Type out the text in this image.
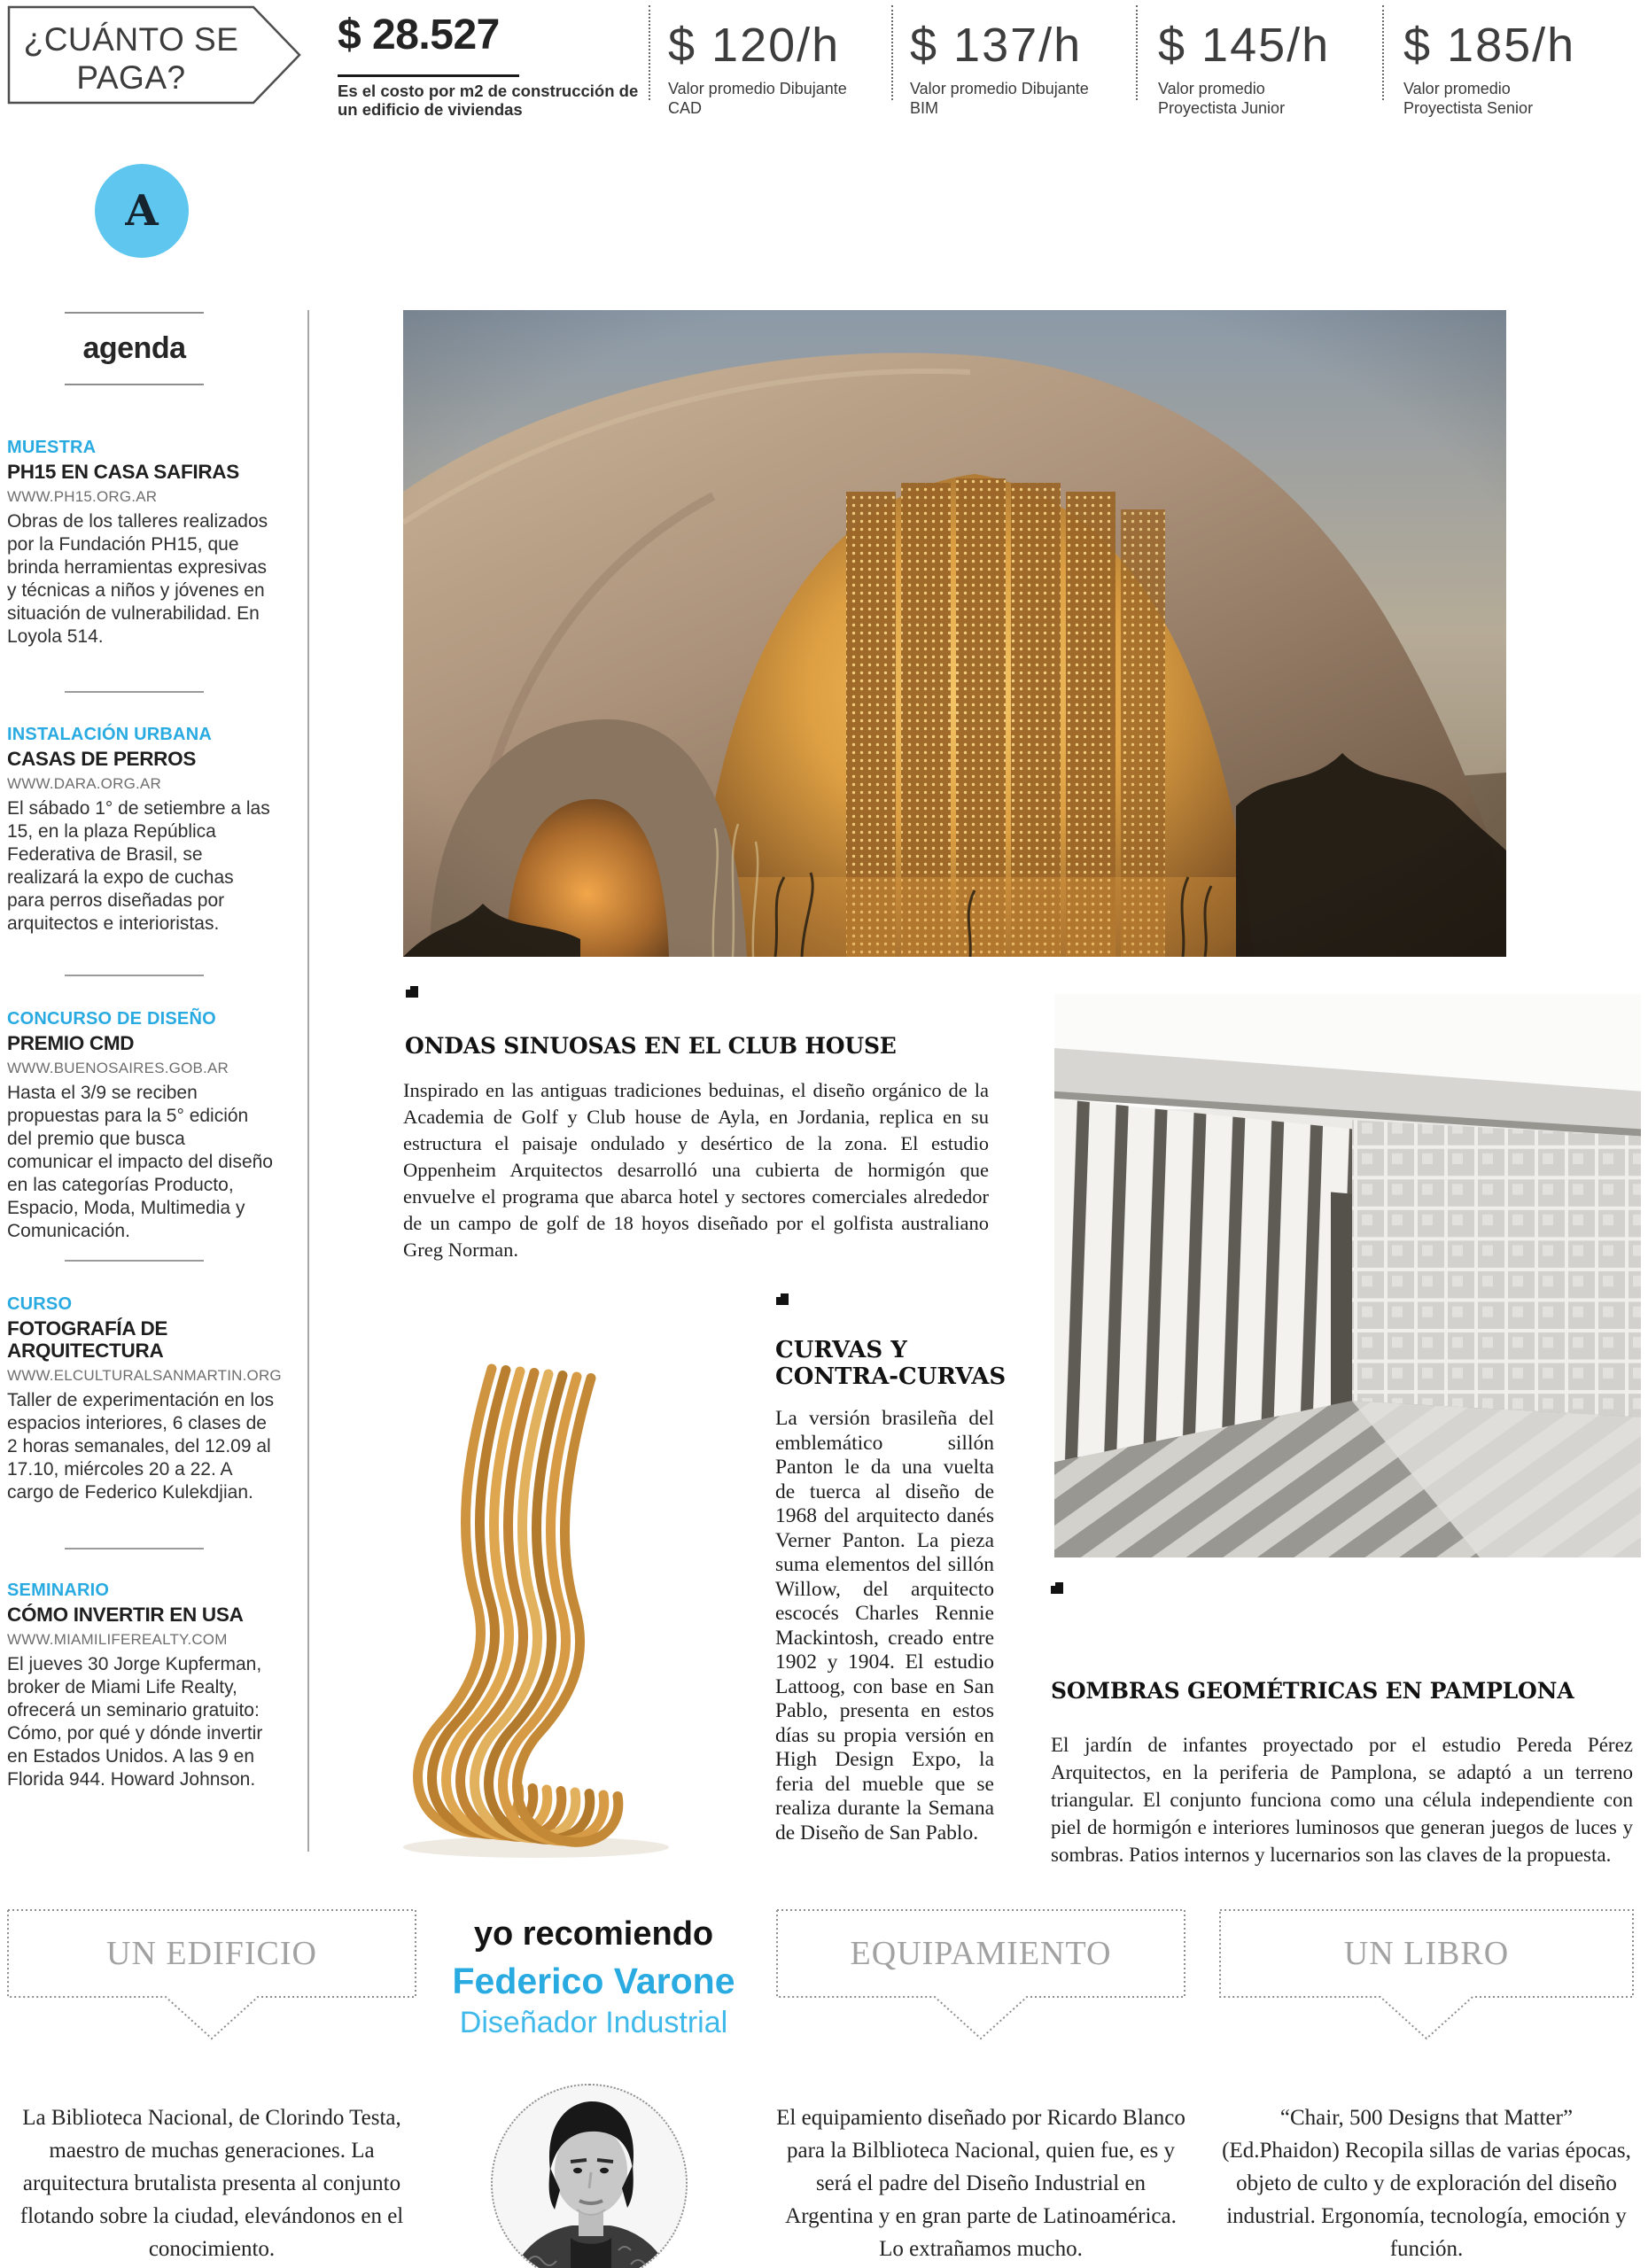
¿CUÁNTO SE PAGA?
$ 28.527
Es el costo por m2 de construcción de un edificio de viviendas
$ 120/h
Valor promedio Dibujante CAD
$ 137/h
Valor promedio Dibujante BIM
$ 145/h
Valor promedio Proyectista Junior
$ 185/h
Valor promedio Proyectista Senior
A
agenda
MUESTRA
PH15 EN CASA SAFIRAS
WWW.PH15.ORG.AR
Obras de los talleres realizados por la Fundación PH15, que brinda herramientas expresivas y técnicas a niños y jóvenes en situación de vulnerabilidad. En Loyola 514.
INSTALACIÓN URBANA
CASAS DE PERROS
WWW.DARA.ORG.AR
El sábado 1° de setiembre a las 15, en la plaza República Federativa de Brasil, se realizará la expo de cuchas para perros diseñadas por arquitectos e interioristas.
CONCURSO DE DISEÑO
PREMIO CMD
WWW.BUENOSAIRES.GOB.AR
Hasta el 3/9 se reciben propuestas para la 5° edición del premio que busca comunicar el impacto del diseño en las categorías Producto, Espacio, Moda, Multimedia y Comunicación.
CURSO
FOTOGRAFÍA DE ARQUITECTURA
WWW.ELCULTURALSANMARTIN.ORG
Taller de experimentación en los espacios interiores, 6 clases de 2 horas semanales, del 12.09 al 17.10, miércoles 20 a 22. A cargo de Federico Kulekdjian.
SEMINARIO
CÓMO INVERTIR EN USA
WWW.MIAMILIFEREALTY.COM
El jueves 30 Jorge Kupferman, broker de Miami Life Realty, ofrecerá un seminario gratuito: Cómo, por qué y dónde invertir en Estados Unidos. A las 9 en Florida 944. Howard Johnson.
ONDAS SINUOSAS EN EL CLUB HOUSE
Inspirado en las antiguas tradiciones beduinas, el diseño orgánico de la Academia de Golf y Club house de Ayla, en Jordania, replica en su estructura el paisaje ondulado y desértico de la zona. El estudio Oppenheim Arquitectos desarrolló una cubierta de hormigón que envuelve el programa que abarca hotel y sectores comerciales alrededor de un campo de golf de 18 hoyos diseñado por el golfista australiano Greg Norman.
CURVAS Y CONTRA-CURVAS
La versión brasileña del emblemático sillón Panton le da una vuelta de tuerca al diseño de 1968 del arquitecto danés Verner Panton. La pieza suma elementos del sillón Willow, del arquitecto escocés Charles Rennie Mackintosh, creado entre 1902 y 1904. El estudio Lattoog, con base en San Pablo, presenta en estos días su propia versión en High Design Expo, la feria del mueble que se realiza durante la Semana de Diseño de San Pablo.
SOMBRAS GEOMÉTRICAS EN PAMPLONA
El jardín de infantes proyectado por el estudio Pereda Pérez Arquitectos, en la periferia de Pamplona, se adaptó a un terreno triangular. El conjunto funciona como una célula independiente con piel de hormigón e interiores luminosos que generan juegos de luces y sombras. Patios internos y lucernarios son las claves de la propuesta.
UN EDIFICIO	EQUIPAMIENTO	UN LIBRO
yo recomiendo
Federico Varone
Diseñador Industrial
La Biblioteca Nacional, de Clorindo Testa, maestro de muchas generaciones. La arquitectura brutalista presenta al conjunto flotando sobre la ciudad, elevándonos en el conocimiento.
El equipamiento diseñado por Ricardo Blanco para la Bilblioteca Nacional, quien fue, es y será el padre del Diseño Industrial en Argentina y en gran parte de Latinoamérica. Lo extrañamos mucho.
“Chair, 500 Designs that Matter” (Ed.Phaidon) Recopila sillas de varias épocas, objeto de culto y de exploración del diseño industrial. Ergonomía, tecnología, emoción y función.
